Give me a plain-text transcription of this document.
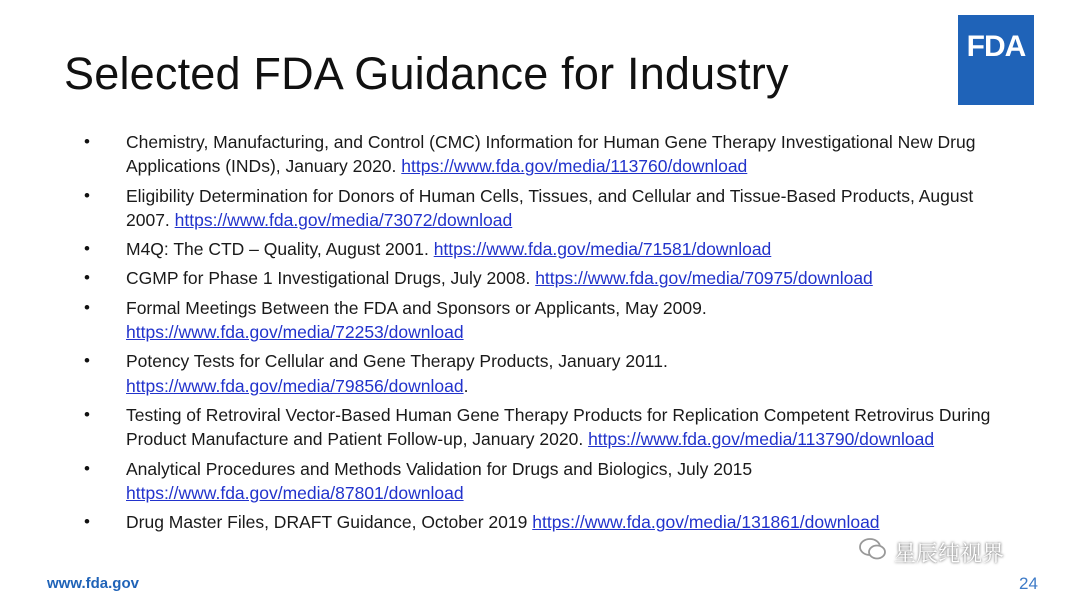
Selected FDA Guidance for Industry
FDA
•	Chemistry, Manufacturing, and Control (CMC) Information for Human Gene Therapy Investigational New Drug Applications (INDs), January 2020. https://www.fda.gov/media/113760/download
•	Eligibility Determination for Donors of Human Cells, Tissues, and Cellular and Tissue-Based Products, August 2007. https://www.fda.gov/media/73072/download
•	M4Q: The CTD – Quality, August 2001. https://www.fda.gov/media/71581/download
•	CGMP for Phase 1 Investigational Drugs, July 2008. https://www.fda.gov/media/70975/download
•	Formal Meetings Between the FDA and Sponsors or Applicants, May 2009. https://www.fda.gov/media/72253/download
•	Potency Tests for Cellular and Gene Therapy Products, January 2011. https://www.fda.gov/media/79856/download.
•	Testing of Retroviral Vector-Based Human Gene Therapy Products for Replication Competent Retrovirus During Product Manufacture and Patient Follow-up, January 2020. https://www.fda.gov/media/113790/download
•	Analytical Procedures and Methods Validation for Drugs and Biologics, July 2015 https://www.fda.gov/media/87801/download
•	Drug Master Files, DRAFT Guidance, October 2019 https://www.fda.gov/media/131861/download
www.fda.gov	24
星辰纯视界
